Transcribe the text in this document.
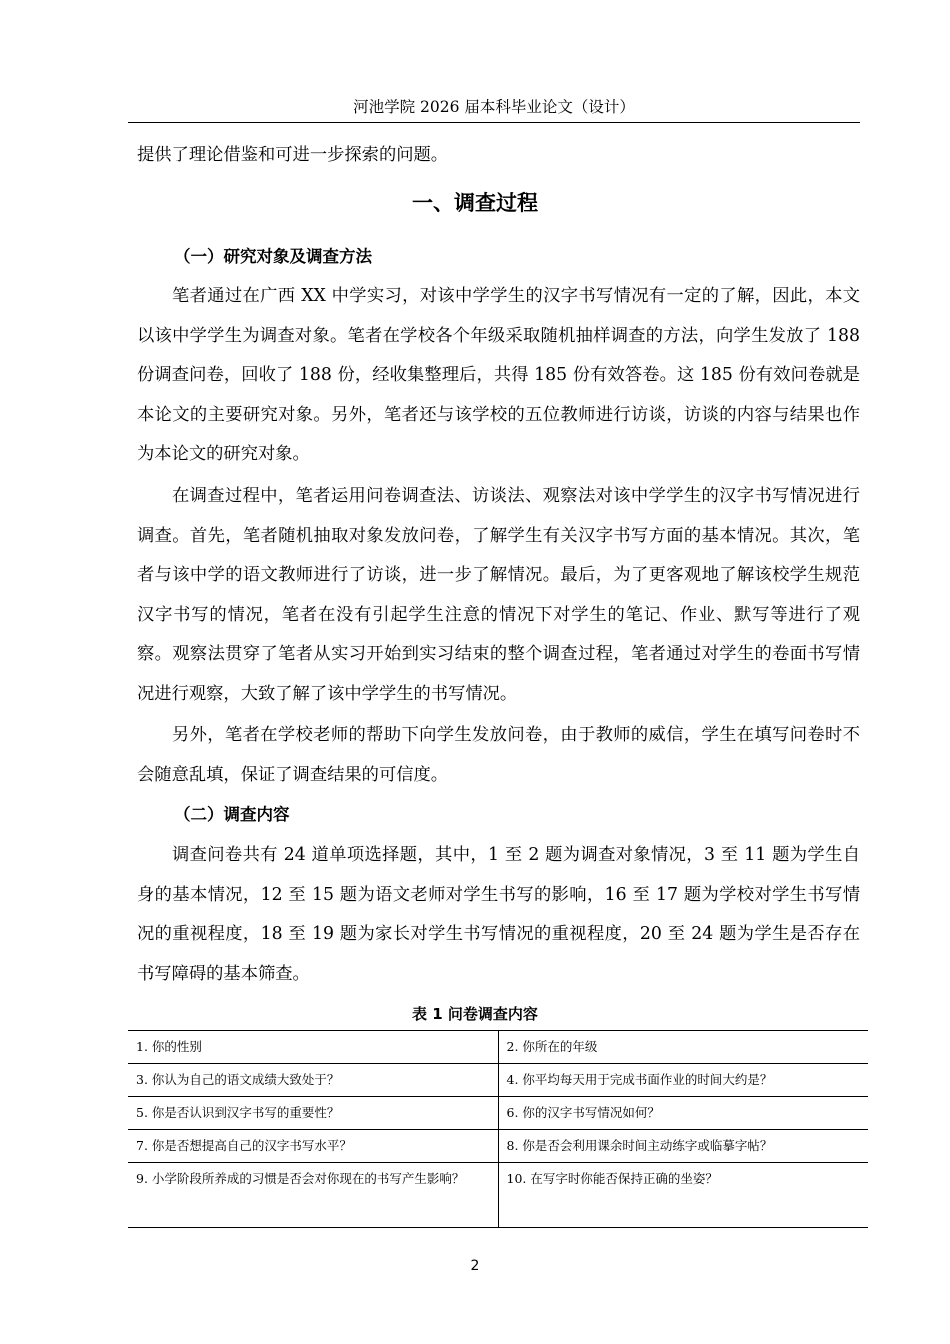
河池学院 2026 届本科毕业论文（设计）

提供了理论借鉴和可进一步探索的问题。

一、调查过程
（一）研究对象及调查方法

笔者通过在广西 XX 中学实习，对该中学学生的汉字书写情况有一定的了解，因此，本文以该中学学生为调查对象。笔者在学校各个年级采取随机抽样调查的方法，向学生发放了 188 份调查问卷，回收了 188 份，经收集整理后，共得 185 份有效答卷。这 185 份有效问卷就是本论文的主要研究对象。另外，笔者还与该学校的五位教师进行访谈，访谈的内容与结果也作为本论文的研究对象。

在调查过程中，笔者运用问卷调查法、访谈法、观察法对该中学学生的汉字书写情况进行调查。首先，笔者随机抽取对象发放问卷，了解学生有关汉字书写方面的基本情况。其次，笔者与该中学的语文教师进行了访谈，进一步了解情况。最后，为了更客观地了解该校学生规范汉字书写的情况，笔者在没有引起学生注意的情况下对学生的笔记、作业、默写等进行了观察。观察法贯穿了笔者从实习开始到实习结束的整个调查过程，笔者通过对学生的卷面书写情况进行观察，大致了解了该中学学生的书写情况。

另外，笔者在学校老师的帮助下向学生发放问卷，由于教师的威信，学生在填写问卷时不会随意乱填，保证了调查结果的可信度。

（二）调查内容

调查问卷共有 24 道单项选择题，其中，1 至 2 题为调查对象情况，3 至 11 题为学生自身的基本情况，12 至 15 题为语文老师对学生书写的影响，16 至 17 题为学校对学生书写情况的重视程度，18 至 19 题为家长对学生书写情况的重视程度，20 至 24 题为学生是否存在书写障碍的基本筛查。

表 1 问卷调查内容
1. 你的性别	2. 你所在的年级
3. 你认为自己的语文成绩大致处于？	4. 你平均每天用于完成书面作业的时间大约是？
5. 你是否认识到汉字书写的重要性？	6. 你的汉字书写情况如何？
7. 你是否想提高自己的汉字书写水平？	8. 你是否会利用课余时间主动练字或临摹字帖？
9. 小学阶段所养成的习惯是否会对你现在的书写产生影响？	10. 在写字时你能否保持正确的坐姿？
2
